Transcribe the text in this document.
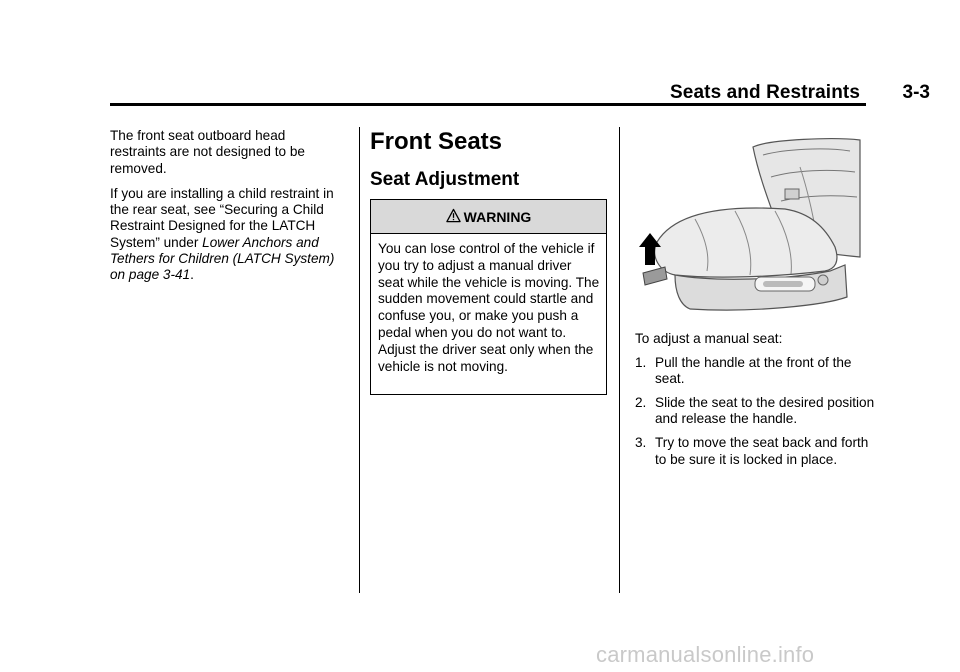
Seats and Restraints 3-3

The front seat outboard head restraints are not designed to be removed.

If you are installing a child restraint in the rear seat, see “Securing a Child Restraint Designed for the LATCH System” under Lower Anchors and Tethers for Children (LATCH System) on page 3-41.

Front Seats
Seat Adjustment
WARNING
You can lose control of the vehicle if you try to adjust a manual driver seat while the vehicle is moving. The sudden movement could startle and confuse you, or make you push a pedal when you do not want to. Adjust the driver seat only when the vehicle is not moving.

To adjust a manual seat:

1. Pull the handle at the front of the seat.
2. Slide the seat to the desired position and release the handle.
3. Try to move the seat back and forth to be sure it is locked in place.
carmanualsonline.info
